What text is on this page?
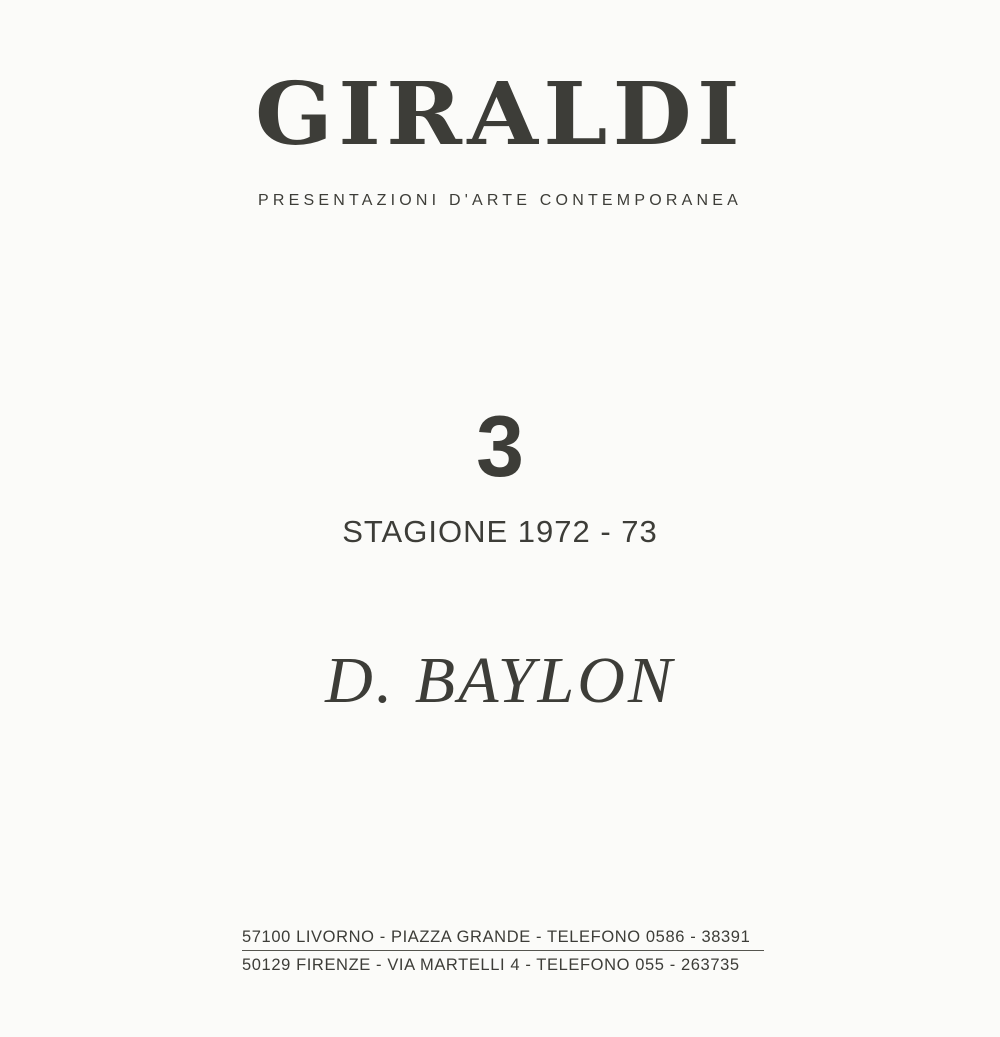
GIRALDI
PRESENTAZIONI D'ARTE CONTEMPORANEA
3
STAGIONE 1972 - 73
D. BAYLON
57100 LIVORNO - PIAZZA GRANDE - TELEFONO 0586 - 38391
50129 FIRENZE - VIA MARTELLI 4 - TELEFONO 055 - 263735
